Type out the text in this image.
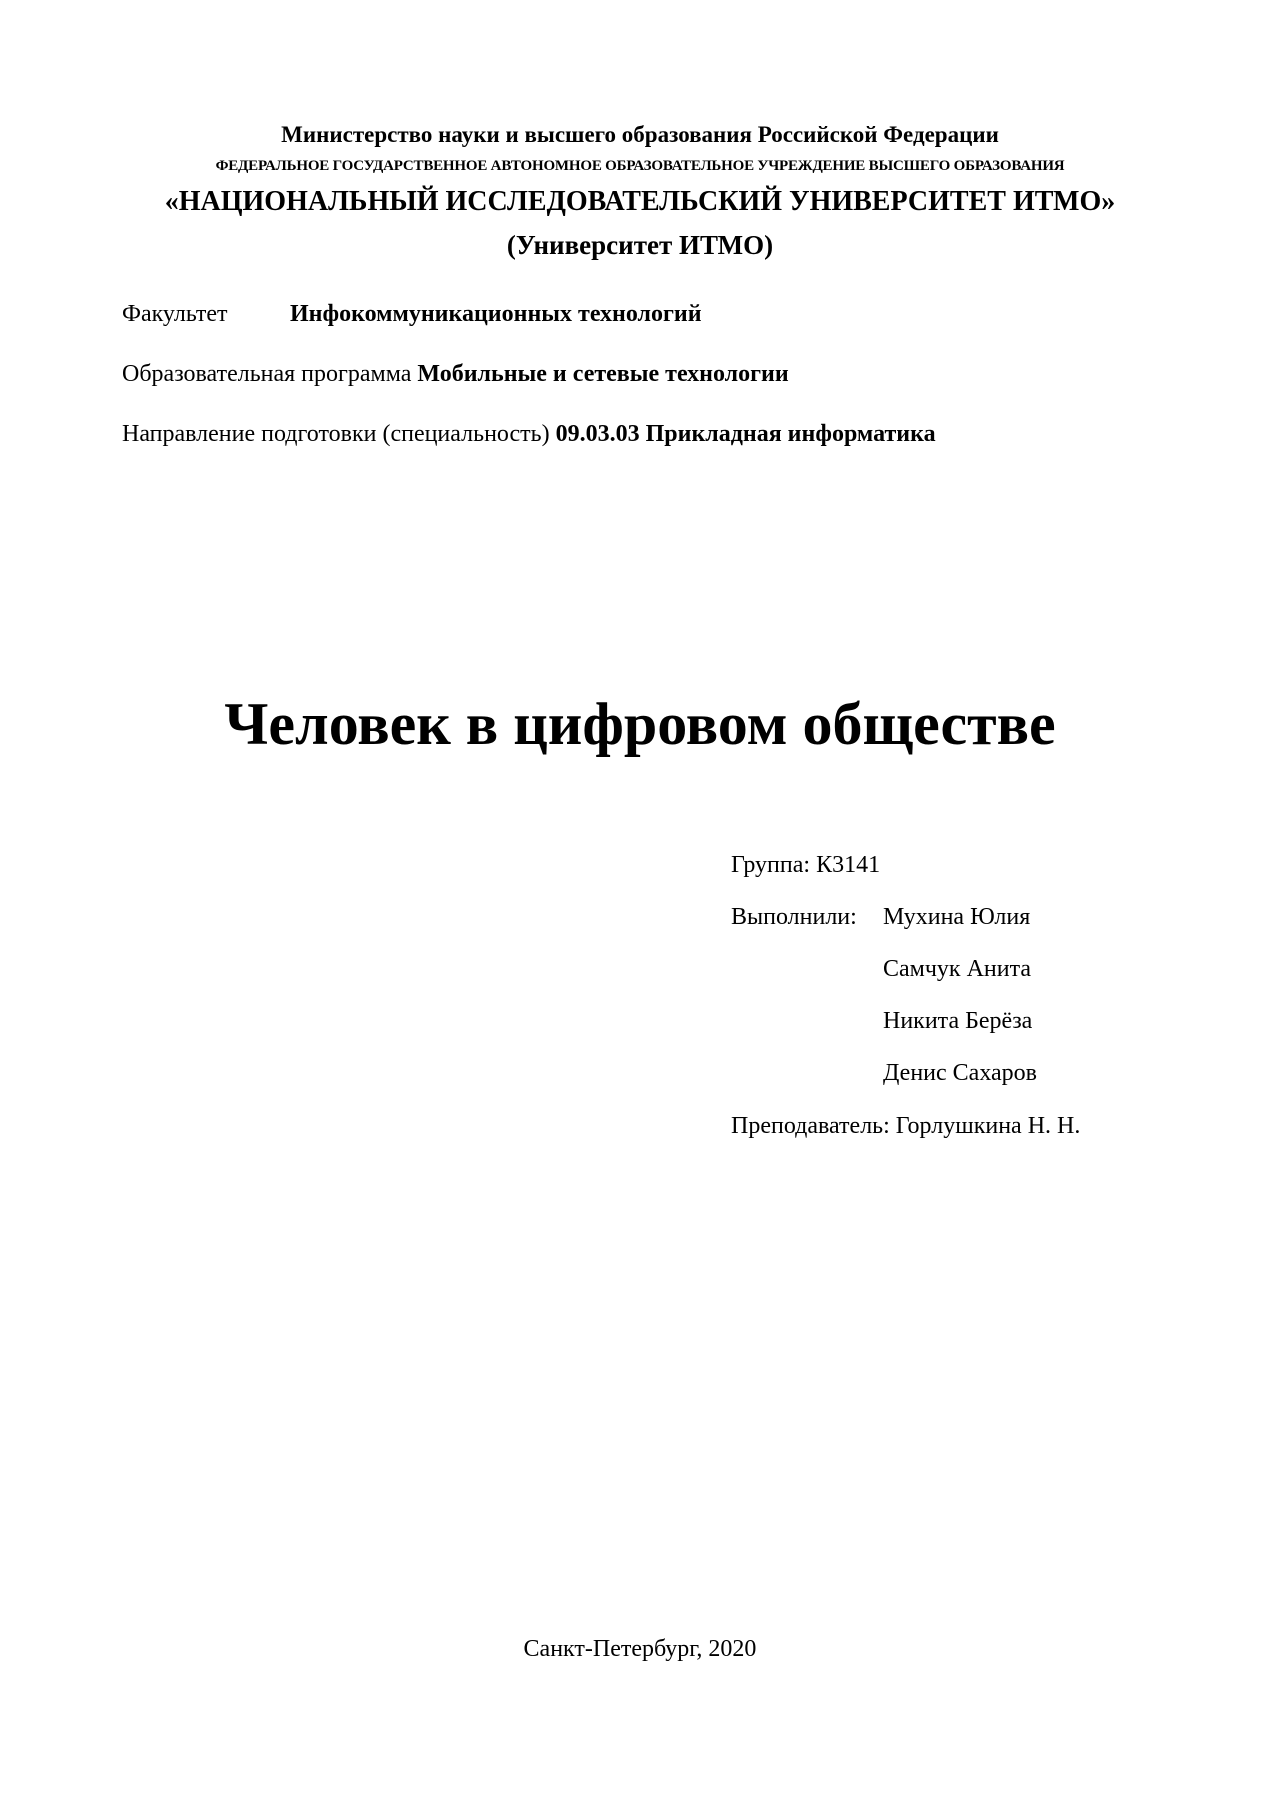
Министерство науки и высшего образования Российской Федерации

ФЕДЕРАЛЬНОЕ ГОСУДАРСТВЕННОЕ АВТОНОМНОЕ ОБРАЗОВАТЕЛЬНОЕ УЧРЕЖДЕНИЕ ВЫСШЕГО ОБРАЗОВАНИЯ

«НАЦИОНАЛЬНЫЙ ИССЛЕДОВАТЕЛЬСКИЙ УНИВЕРСИТЕТ ИТМО»

(Университет ИТМО)

Факультет	Инфокоммуникационных технологий

Образовательная программа Мобильные и сетевые технологии

Направление подготовки (специальность) 09.03.03 Прикладная информатика

Человек в цифровом обществе

Группа: К3141

Выполнили: Мухина Юлия

Самчук Анита

Никита Берёза

Денис Сахаров

Преподаватель: Горлушкина Н. Н.

Санкт-Петербург, 2020
